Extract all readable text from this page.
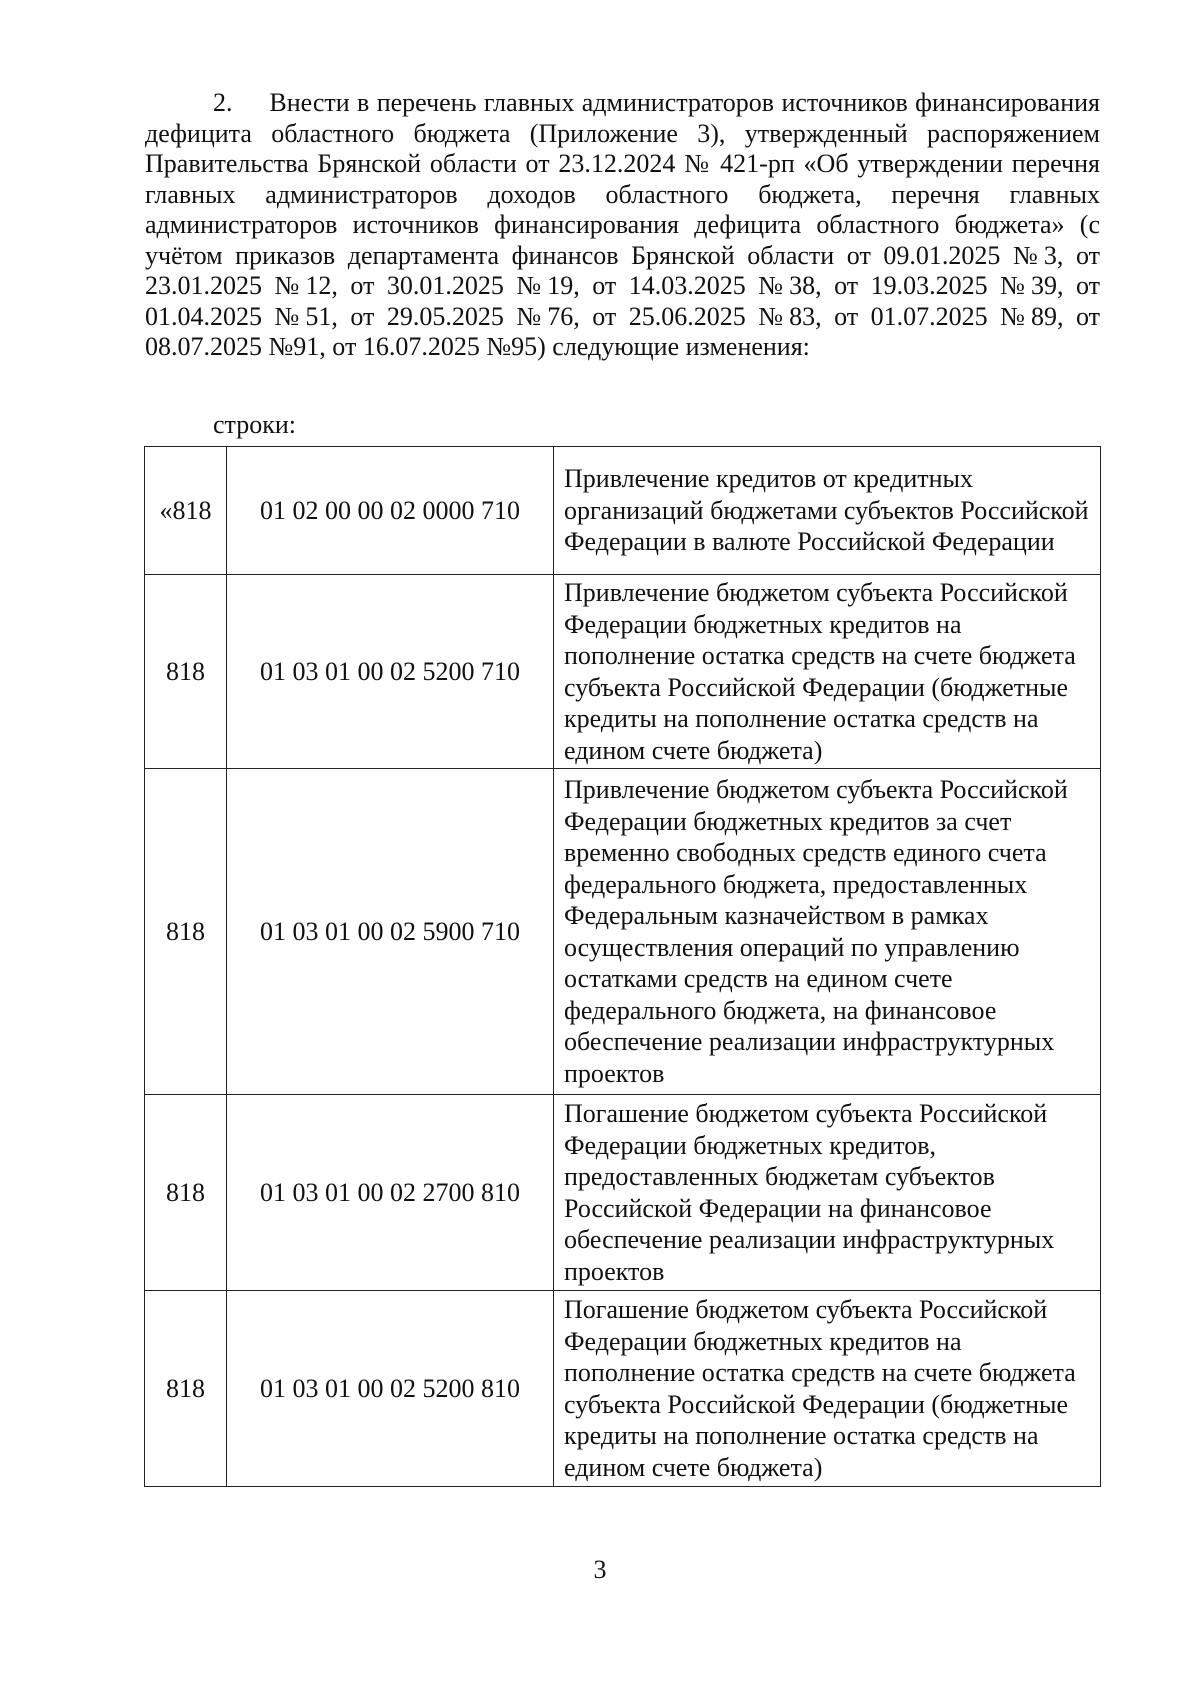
2.     Внести в перечень главных администраторов источников финансирования дефицита областного бюджета (Приложение 3), утвержденный распоряжением Правительства Брянской области от 23.12.2024 № 421-рп «Об утверждении перечня главных администраторов доходов областного бюджета, перечня главных администраторов источников финансирования дефицита областного бюджета» (с учётом приказов департамента финансов Брянской области от 09.01.2025 №3, от 23.01.2025 №12, от 30.01.2025 №19, от 14.03.2025 №38, от 19.03.2025 №39, от 01.04.2025 №51, от 29.05.2025 №76, от 25.06.2025 №83, от 01.07.2025 №89, от 08.07.2025 №91, от 16.07.2025 №95) следующие изменения:

строки:
«818	01 02 00 00 02 0000 710	Привлечение кредитов от кредитных организаций бюджетами субъектов Российской Федерации в валюте Российской Федерации
818	01 03 01 00 02 5200 710	Привлечение бюджетом субъекта Российской Федерации бюджетных кредитов на пополнение остатка средств на счете бюджета субъекта Российской Федерации (бюджетные кредиты на пополнение остатка средств на едином счете бюджета)
818	01 03 01 00 02 5900 710	Привлечение бюджетом субъекта Российской Федерации бюджетных кредитов за счет временно свободных средств единого счета федерального бюджета, предоставленных Федеральным казначейством в рамках осуществления операций по управлению остатками средств на едином счете федерального бюджета, на финансовое обеспечение реализации инфраструктурных проектов
818	01 03 01 00 02 2700 810	Погашение бюджетом субъекта Российской Федерации бюджетных кредитов, предоставленных бюджетам субъектов Российской Федерации на финансовое обеспечение реализации инфраструктурных проектов
818	01 03 01 00 02 5200 810	Погашение бюджетом субъекта Российской Федерации бюджетных кредитов на пополнение остатка средств на счете бюджета субъекта Российской Федерации (бюджетные кредиты на пополнение остатка средств на едином счете бюджета)
3
